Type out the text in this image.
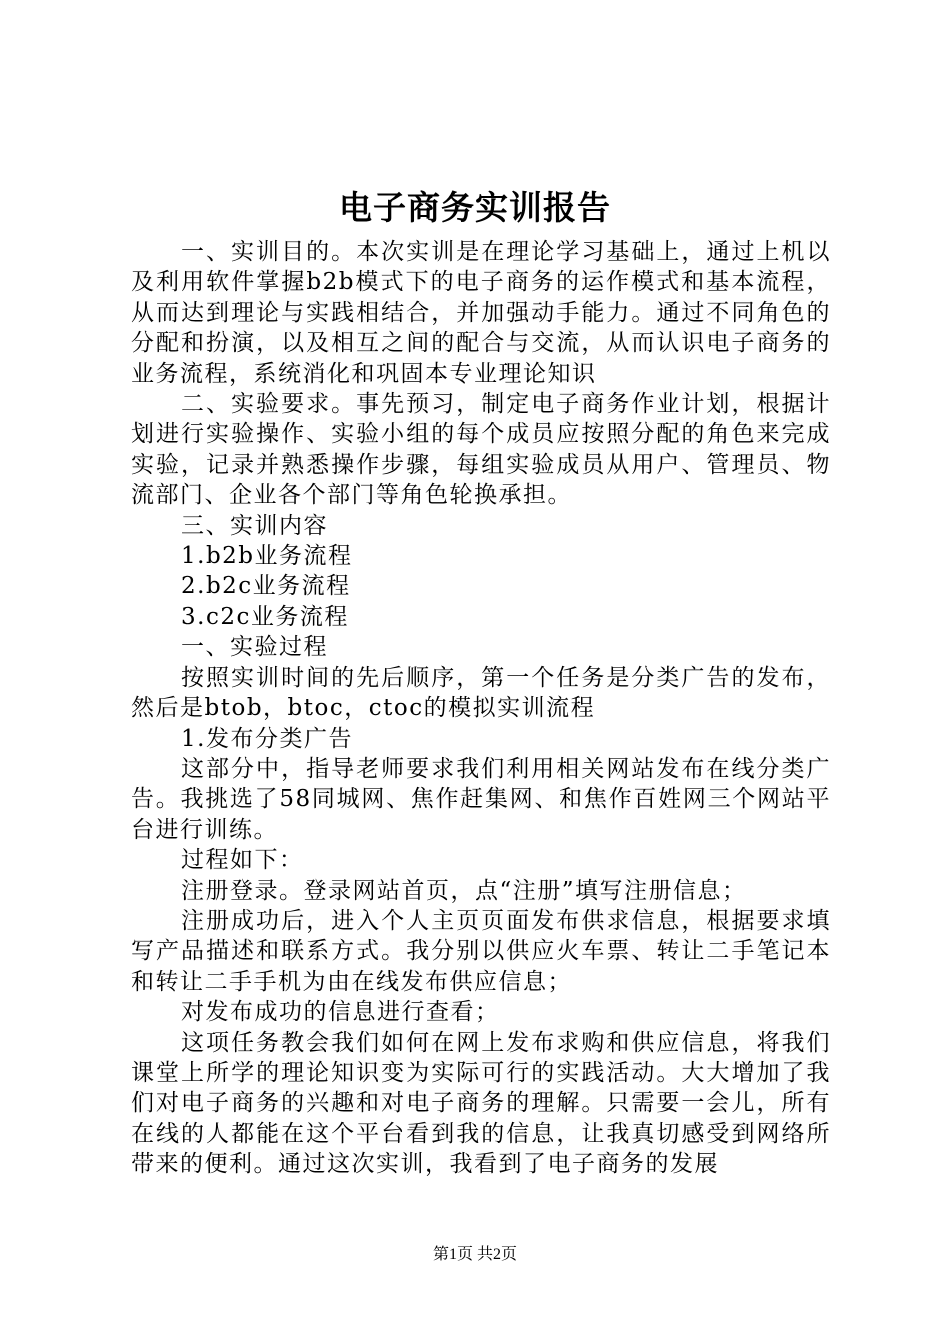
电子商务实训报告

一、实训目的。本次实训是在理论学习基础上，通过上机以及利用软件掌握b2b模式下的电子商务的运作模式和基本流程，从而达到理论与实践相结合，并加强动手能力。通过不同角色的分配和扮演，以及相互之间的配合与交流，从而认识电子商务的业务流程，系统消化和巩固本专业理论知识

二、实验要求。事先预习，制定电子商务作业计划，根据计划进行实验操作、实验小组的每个成员应按照分配的角色来完成实验，记录并熟悉操作步骤，每组实验成员从用户、管理员、物流部门、企业各个部门等角色轮换承担。

三、实训内容

1.b2b业务流程

2.b2c业务流程

3.c2c业务流程

一、实验过程

按照实训时间的先后顺序，第一个任务是分类广告的发布，然后是btob，btoc，ctoc的模拟实训流程

1.发布分类广告

这部分中，指导老师要求我们利用相关网站发布在线分类广告。我挑选了58同城网、焦作赶集网、和焦作百姓网三个网站平台进行训练。

过程如下：

注册登录。登录网站首页，点“注册”填写注册信息；

注册成功后，进入个人主页页面发布供求信息，根据要求填写产品描述和联系方式。我分别以供应火车票、转让二手笔记本和转让二手手机为由在线发布供应信息；

对发布成功的信息进行查看；

这项任务教会我们如何在网上发布求购和供应信息，将我们课堂上所学的理论知识变为实际可行的实践活动。大大增加了我们对电子商务的兴趣和对电子商务的理解。只需要一会儿，所有在线的人都能在这个平台看到我的信息，让我真切感受到网络所带来的便利。通过这次实训，我看到了电子商务的发展

第1页 共2页
